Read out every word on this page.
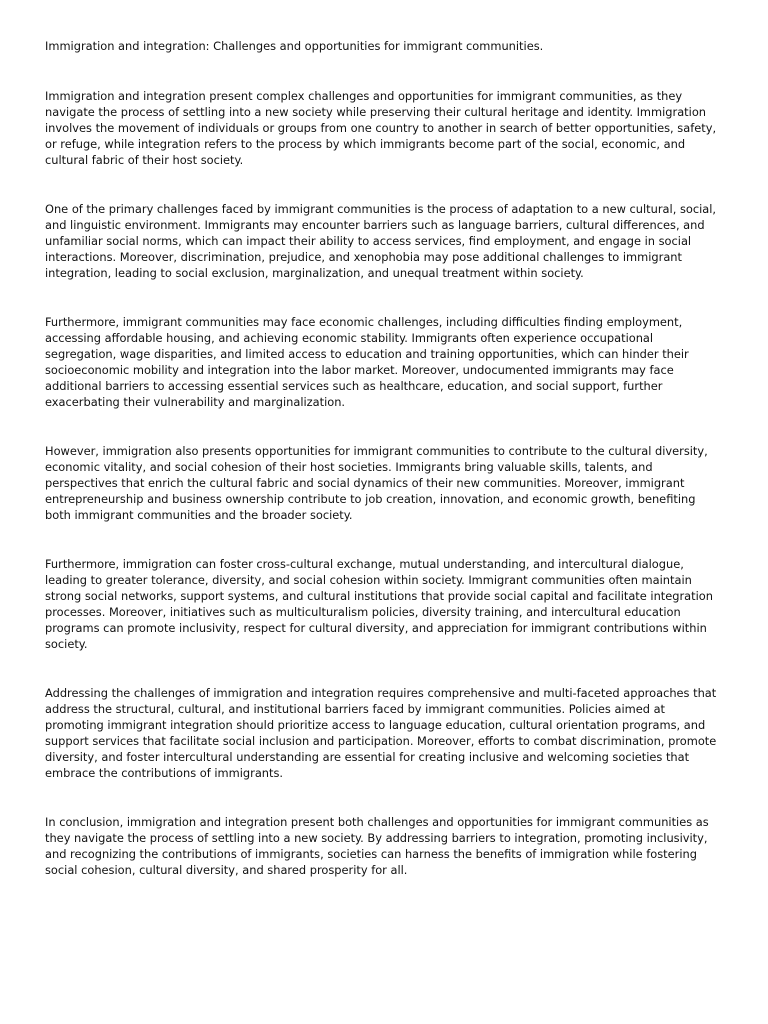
Immigration and integration: Challenges and opportunities for immigrant communities.

Immigration and integration present complex challenges and opportunities for immigrant communities, as they navigate the process of settling into a new society while preserving their cultural heritage and identity. Immigration involves the movement of individuals or groups from one country to another in search of better opportunities, safety, or refuge, while integration refers to the process by which immigrants become part of the social, economic, and cultural fabric of their host society.

One of the primary challenges faced by immigrant communities is the process of adaptation to a new cultural, social, and linguistic environment. Immigrants may encounter barriers such as language barriers, cultural differences, and unfamiliar social norms, which can impact their ability to access services, find employment, and engage in social interactions. Moreover, discrimination, prejudice, and xenophobia may pose additional challenges to immigrant integration, leading to social exclusion, marginalization, and unequal treatment within society.

Furthermore, immigrant communities may face economic challenges, including difficulties finding employment, accessing affordable housing, and achieving economic stability. Immigrants often experience occupational segregation, wage disparities, and limited access to education and training opportunities, which can hinder their socioeconomic mobility and integration into the labor market. Moreover, undocumented immigrants may face additional barriers to accessing essential services such as healthcare, education, and social support, further exacerbating their vulnerability and marginalization.

However, immigration also presents opportunities for immigrant communities to contribute to the cultural diversity, economic vitality, and social cohesion of their host societies. Immigrants bring valuable skills, talents, and perspectives that enrich the cultural fabric and social dynamics of their new communities. Moreover, immigrant entrepreneurship and business ownership contribute to job creation, innovation, and economic growth, benefiting both immigrant communities and the broader society.

Furthermore, immigration can foster cross-cultural exchange, mutual understanding, and intercultural dialogue, leading to greater tolerance, diversity, and social cohesion within society. Immigrant communities often maintain strong social networks, support systems, and cultural institutions that provide social capital and facilitate integration processes. Moreover, initiatives such as multiculturalism policies, diversity training, and intercultural education programs can promote inclusivity, respect for cultural diversity, and appreciation for immigrant contributions within society.

Addressing the challenges of immigration and integration requires comprehensive and multi-faceted approaches that address the structural, cultural, and institutional barriers faced by immigrant communities. Policies aimed at promoting immigrant integration should prioritize access to language education, cultural orientation programs, and support services that facilitate social inclusion and participation. Moreover, efforts to combat discrimination, promote diversity, and foster intercultural understanding are essential for creating inclusive and welcoming societies that embrace the contributions of immigrants.

In conclusion, immigration and integration present both challenges and opportunities for immigrant communities as they navigate the process of settling into a new society. By addressing barriers to integration, promoting inclusivity, and recognizing the contributions of immigrants, societies can harness the benefits of immigration while fostering social cohesion, cultural diversity, and shared prosperity for all.
